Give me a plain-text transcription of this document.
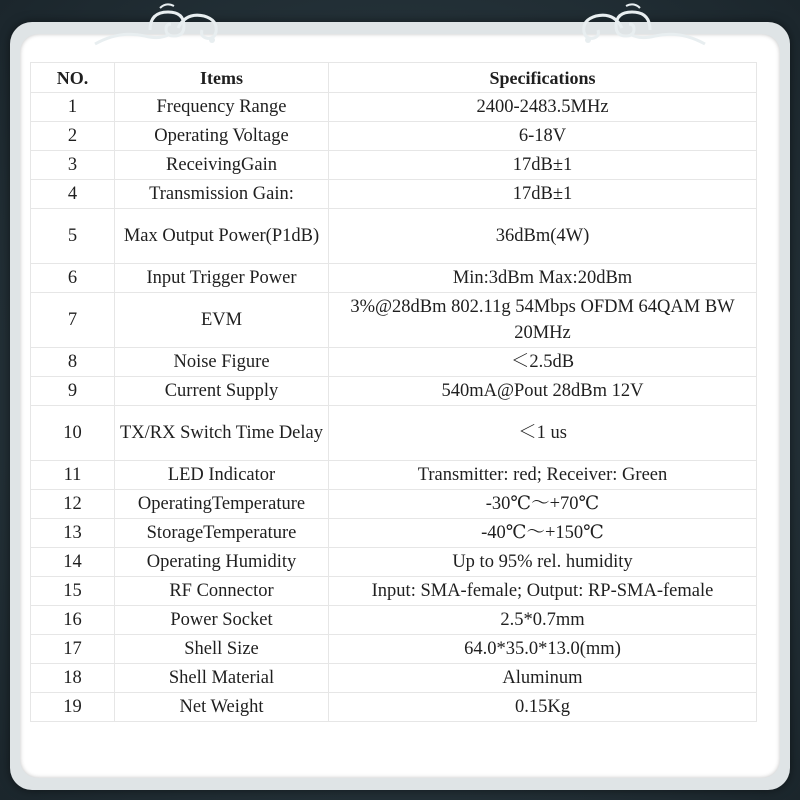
NO.	Items	Specifications
1	Frequency Range	2400-2483.5MHz
2	Operating Voltage	6-18V
3	ReceivingGain	17dB±1
4	Transmission Gain:	17dB±1
5	Max Output Power(P1dB)	36dBm(4W)
6	Input Trigger Power	Min:3dBm Max:20dBm
7	EVM	3%@28dBm 802.11g 54Mbps OFDM 64QAM BW 20MHz
8	Noise Figure	＜2.5dB
9	Current Supply	540mA@Pout 28dBm 12V
10	TX/RX Switch Time Delay	＜1 us
11	LED Indicator	Transmitter: red; Receiver: Green
12	OperatingTemperature	-30℃～+70℃
13	StorageTemperature	-40℃～+150℃
14	Operating Humidity	Up to 95% rel. humidity
15	RF Connector	Input: SMA-female; Output: RP-SMA-female
16	Power Socket	2.5*0.7mm
17	Shell Size	64.0*35.0*13.0(mm)
18	Shell Material	Aluminum
19	Net Weight	0.15Kg
